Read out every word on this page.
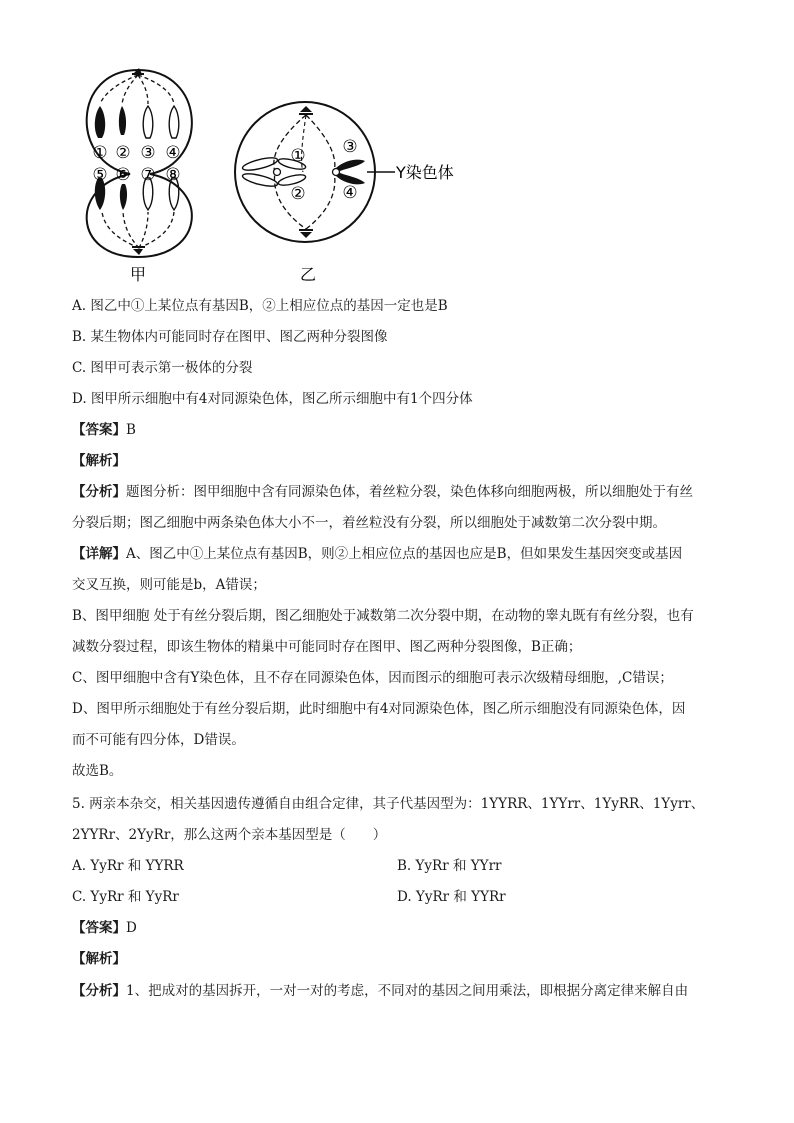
① ② ③ ④
⑤ ⑥ ⑦ ⑧
甲
①
②
③
④
Y染色体
乙
A. 图乙中①上某位点有基因B，②上相应位点的基因一定也是B
B. 某生物体内可能同时存在图甲、图乙两种分裂图像
C. 图甲可表示第一极体的分裂
D. 图甲所示细胞中有4对同源染色体，图乙所示细胞中有1个四分体
【答案】B
【解析】
【分析】题图分析：图甲细胞中含有同源染色体，着丝粒分裂，染色体移向细胞两极，所以细胞处于有丝
分裂后期；图乙细胞中两条染色体大小不一，着丝粒没有分裂，所以细胞处于减数第二次分裂中期。
【详解】A、图乙中①上某位点有基因B，则②上相应位点的基因也应是B，但如果发生基因突变或基因
交叉互换，则可能是b，A错误；
B、图甲细胞 处于有丝分裂后期，图乙细胞处于减数第二次分裂中期，在动物的睾丸既有有丝分裂，也有
减数分裂过程，即该生物体的精巢中可能同时存在图甲、图乙两种分裂图像，B正确；
C、图甲细胞中含有Y染色体，且不存在同源染色体，因而图示的细胞可表示次级精母细胞，,C错误；
D、图甲所示细胞处于有丝分裂后期，此时细胞中有4对同源染色体，图乙所示细胞没有同源染色体，因
而不可能有四分体，D错误。
故选B。
5. 两亲本杂交，相关基因遗传遵循自由组合定律，其子代基因型为：1YYRR、1YYrr、1YyRR、1Yyrr、
2YYRr、2YyRr，那么这两个亲本基因型是（　　）
A. YyRr 和 YYRR	B. YyRr 和 YYrr
C. YyRr 和 YyRr	D. YyRr 和 YYRr
【答案】D
【解析】
【分析】1、把成对的基因拆开，一对一对的考虑，不同对的基因之间用乘法，即根据分离定律来解自由
